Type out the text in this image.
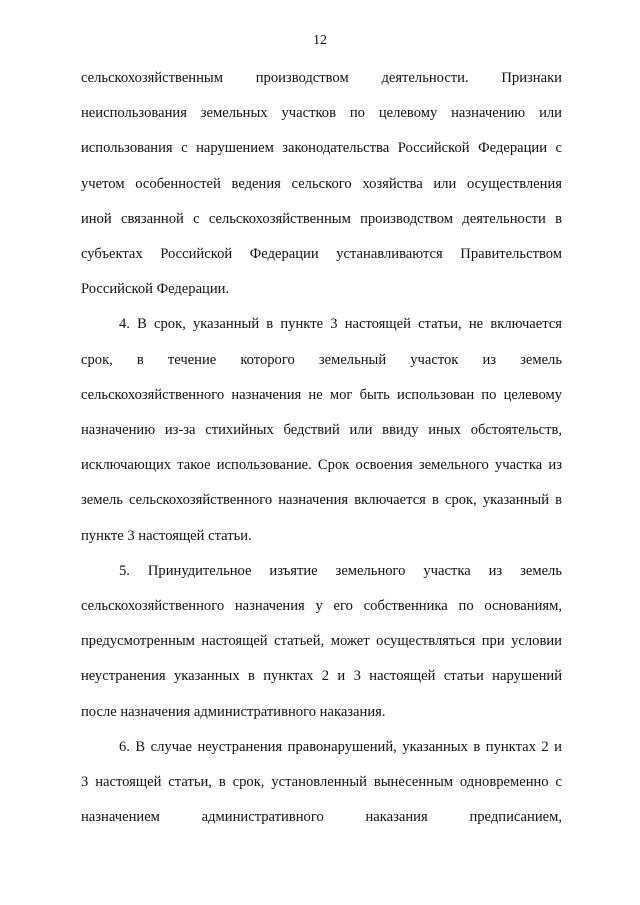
12

сельскохозяйственным производством деятельности. Признаки
неиспользования земельных участков по целевому назначению или
использования с нарушением законодательства Российской Федерации с
учетом особенностей ведения сельского хозяйства или осуществления
иной связанной с сельскохозяйственным производством деятельности в
субъектах Российской Федерации устанавливаются Правительством
Российской Федерации.

4. В срок, указанный в пункте 3 настоящей статьи, не включается
срок, в течение которого земельный участок из земель
сельскохозяйственного назначения не мог быть использован по целевому
назначению из-за стихийных бедствий или ввиду иных обстоятельств,
исключающих такое использование. Срок освоения земельного участка из
земель сельскохозяйственного назначения включается в срок, указанный в
пункте 3 настоящей статьи.

5. Принудительное изъятие земельного участка из земель
сельскохозяйственного назначения у его собственника по основаниям,
предусмотренным настоящей статьей, может осуществляться при условии
неустранения указанных в пунктах 2 и 3 настоящей статьи нарушений
после назначения административного наказания.

6. В случае неустранения правонарушений, указанных в пунктах 2 и
3 настоящей статьи, в срок, установленный вынесенным одновременно с
назначением административного наказания предписанием,
